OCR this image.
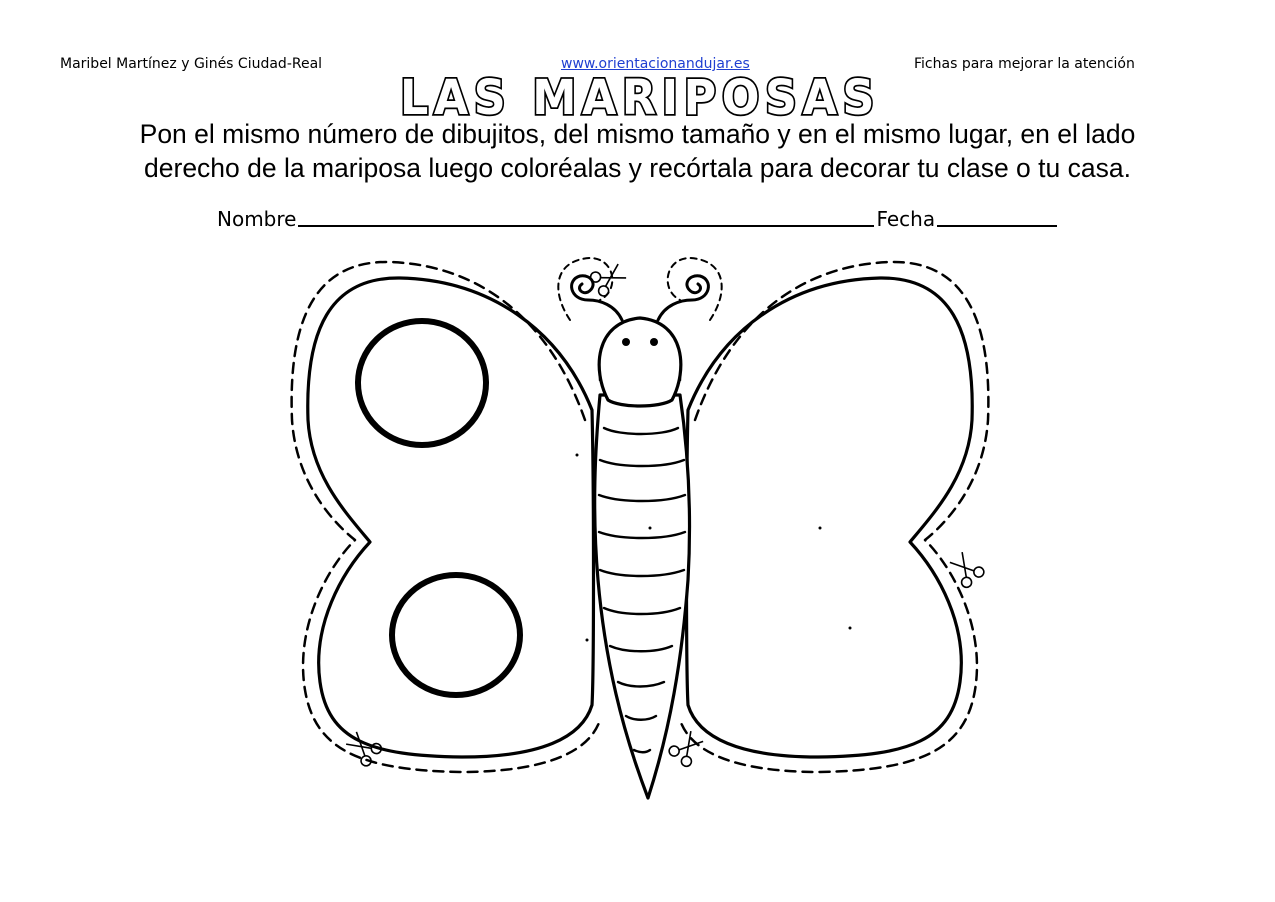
Maribel Martínez y Ginés Ciudad-Real	www.orientacionandujar.es	Fichas para mejorar la atención
LAS MARIPOSAS
Pon el mismo número de dibujitos, del mismo tamaño y en el mismo lugar, en el lado
derecho de la mariposa luego coloréalas y recórtala para decorar tu clase o tu casa.
Nombre	Fecha
